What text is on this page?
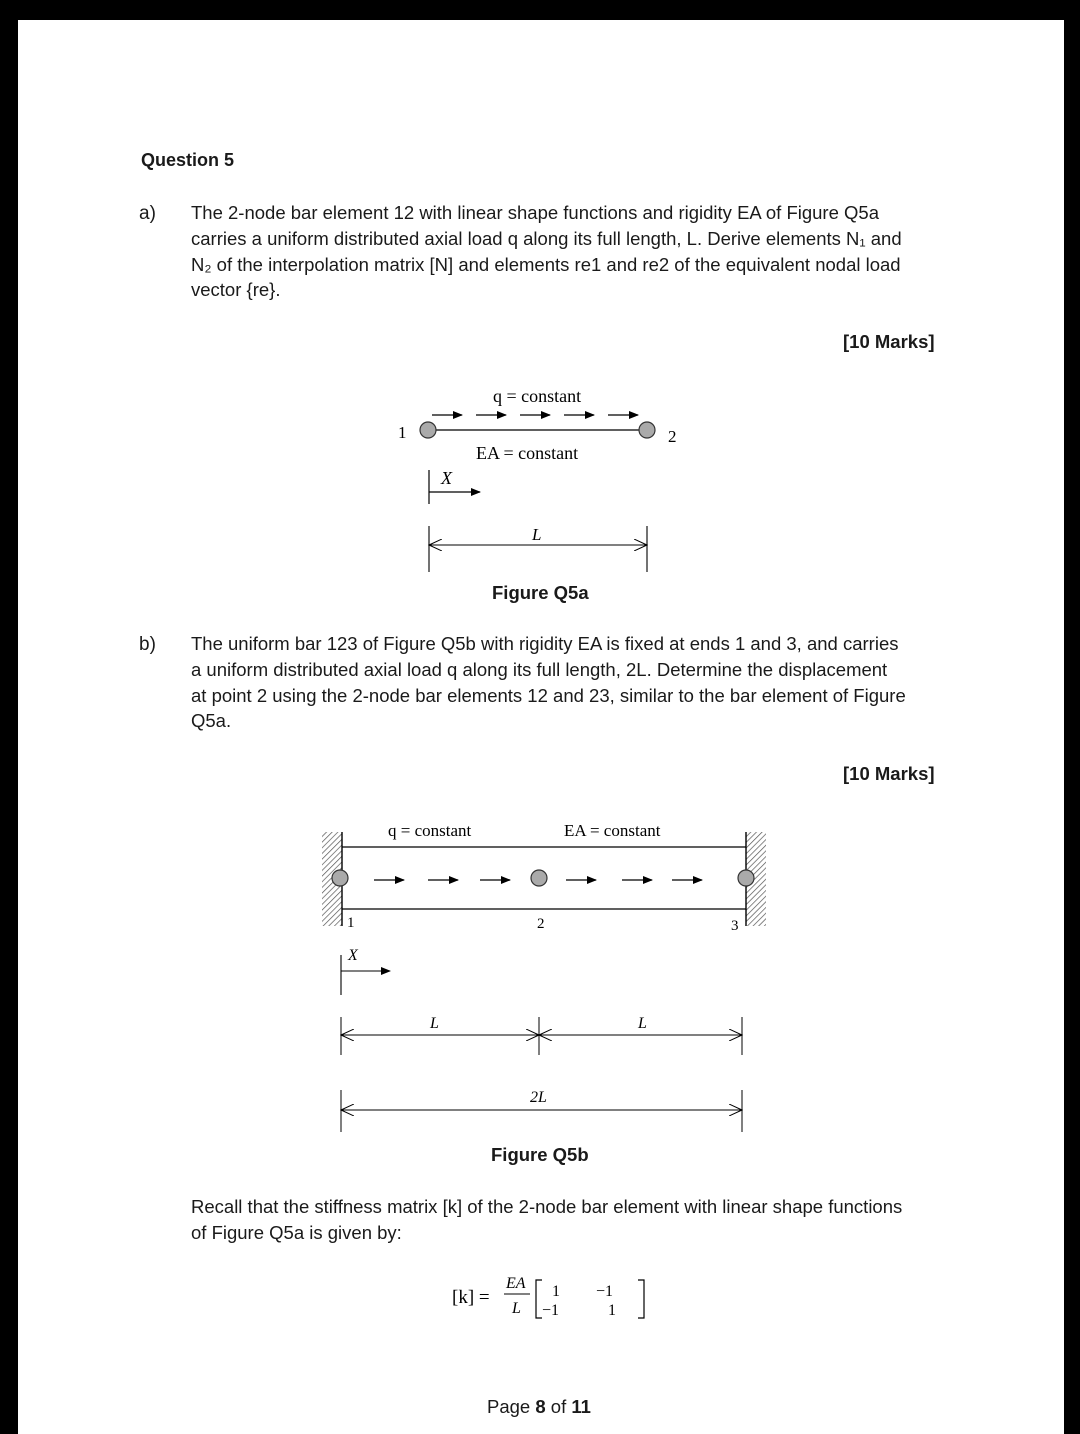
Question 5
a) The 2-node bar element 12 with linear shape functions and rigidity EA of Figure Q5a
carries a uniform distributed axial load q along its full length, L. Derive elements N₁ and
N₂ of the interpolation matrix [N] and elements re1 and re2 of the equivalent nodal load
vector {re}.
[10 Marks]
q = constant
1	2
EA = constant
X
L
Figure Q5a
b) The uniform bar 123 of Figure Q5b with rigidity EA is fixed at ends 1 and 3, and carries
a uniform distributed axial load q along its full length, 2L. Determine the displacement
at point 2 using the 2-node bar elements 12 and 23, similar to the bar element of Figure
Q5a.
[10 Marks]
q = constant	EA = constant
1	2	3
X
L	L
2L
Figure Q5b
Recall that the stiffness matrix [k] of the 2-node bar element with linear shape functions
of Figure Q5a is given by:
[k] =
EA
L
1 −1
−1	1
Page 8 of 11
